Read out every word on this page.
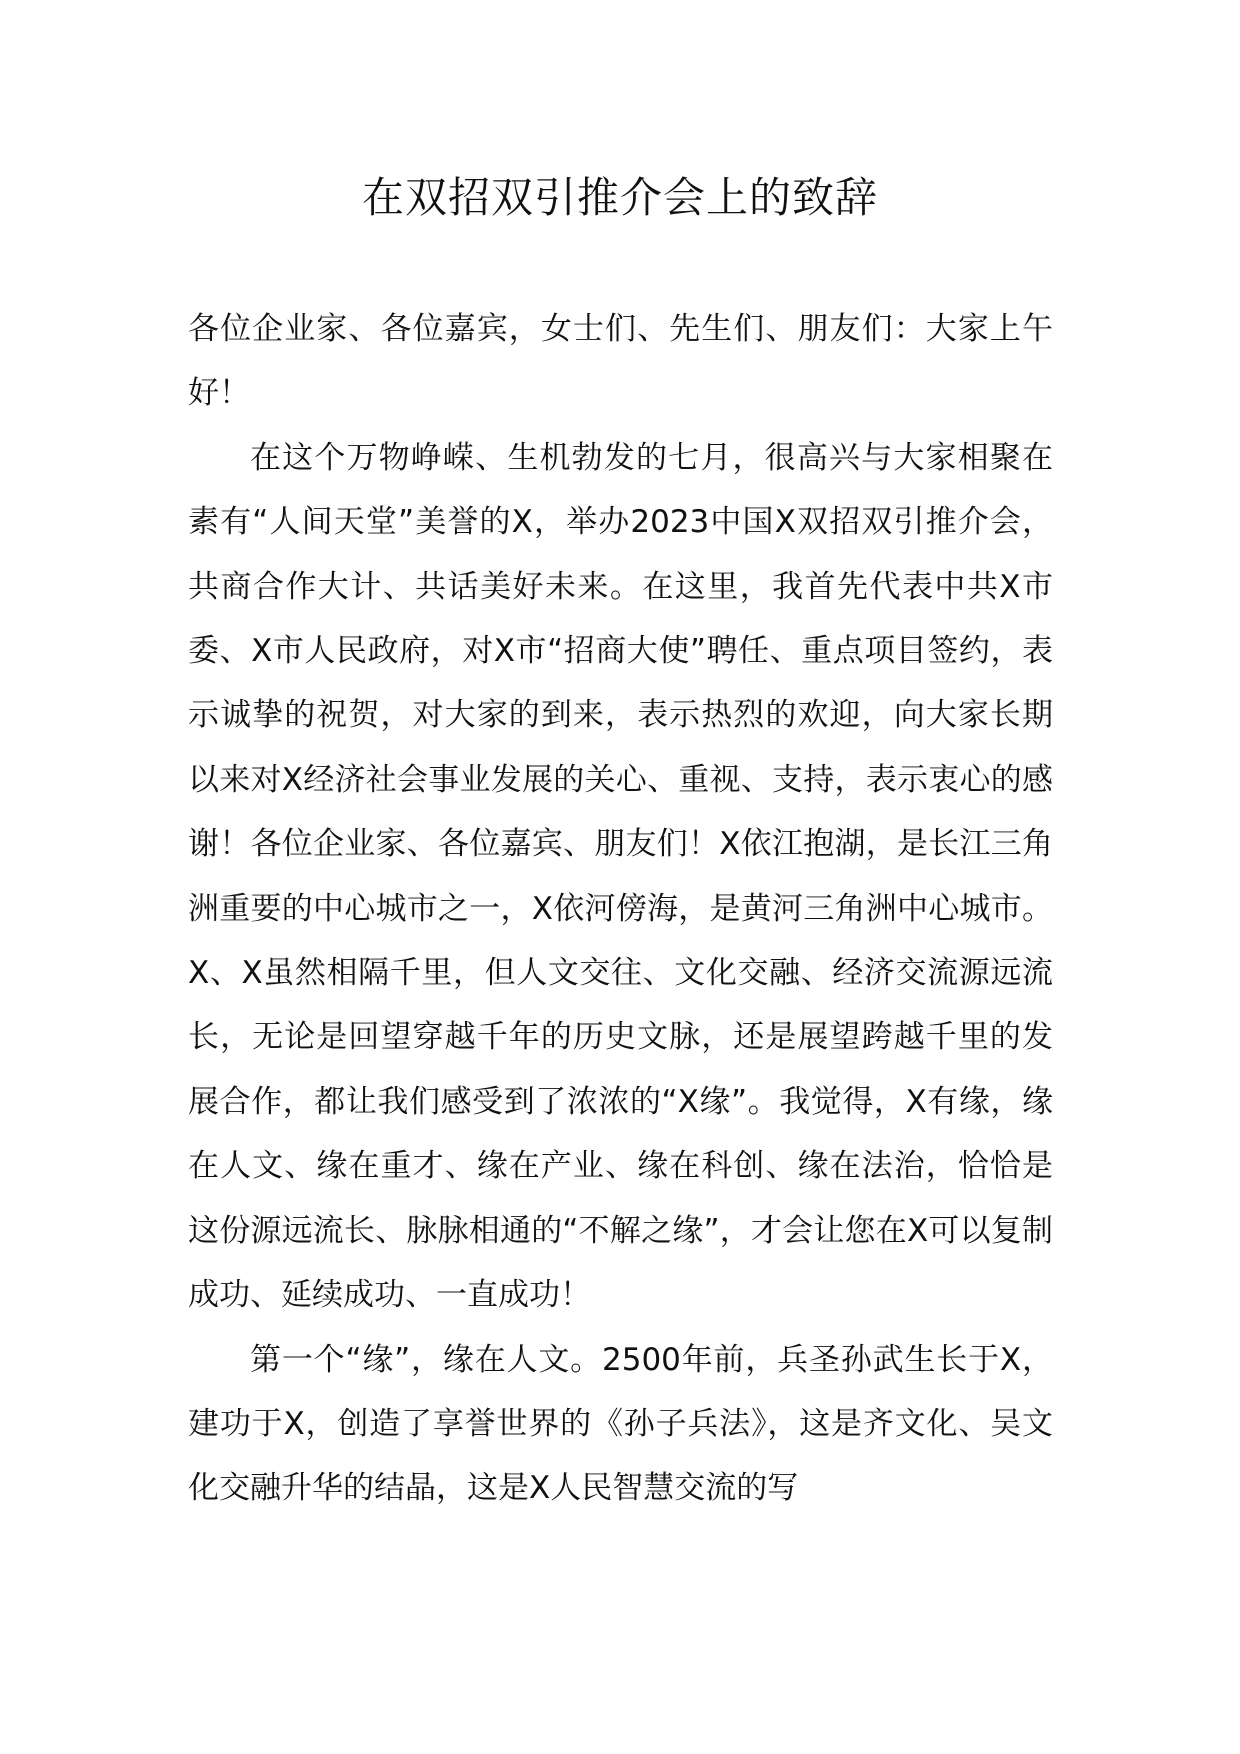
在双招双引推介会上的致辞

各位企业家、各位嘉宾，女士们、先生们、朋友们：大家上午好！

在这个万物峥嵘、生机勃发的七月，很高兴与大家相聚在素有“人间天堂”美誉的X，举办2023中国X双招双引推介会，共商合作大计、共话美好未来。在这里，我首先代表中共X市委、X市人民政府，对X市“招商大使”聘任、重点项目签约，表示诚挚的祝贺，对大家的到来，表示热烈的欢迎，向大家长期以来对X经济社会事业发展的关心、重视、支持，表示衷心的感谢！各位企业家、各位嘉宾、朋友们！X依江抱湖，是长江三角洲重要的中心城市之一，X依河傍海，是黄河三角洲中心城市。X、X虽然相隔千里，但人文交往、文化交融、经济交流源远流长，无论是回望穿越千年的历史文脉，还是展望跨越千里的发展合作，都让我们感受到了浓浓的“X缘”。我觉得，X有缘，缘在人文、缘在重才、缘在产业、缘在科创、缘在法治，恰恰是这份源远流长、脉脉相通的“不解之缘”，才会让您在X可以复制成功、延续成功、一直成功！

第一个“缘”，缘在人文。2500年前，兵圣孙武生长于X，建功于X，创造了享誉世界的《孙子兵法》，这是齐文化、吴文化交融升华的结晶，这是X人民智慧交流的写
